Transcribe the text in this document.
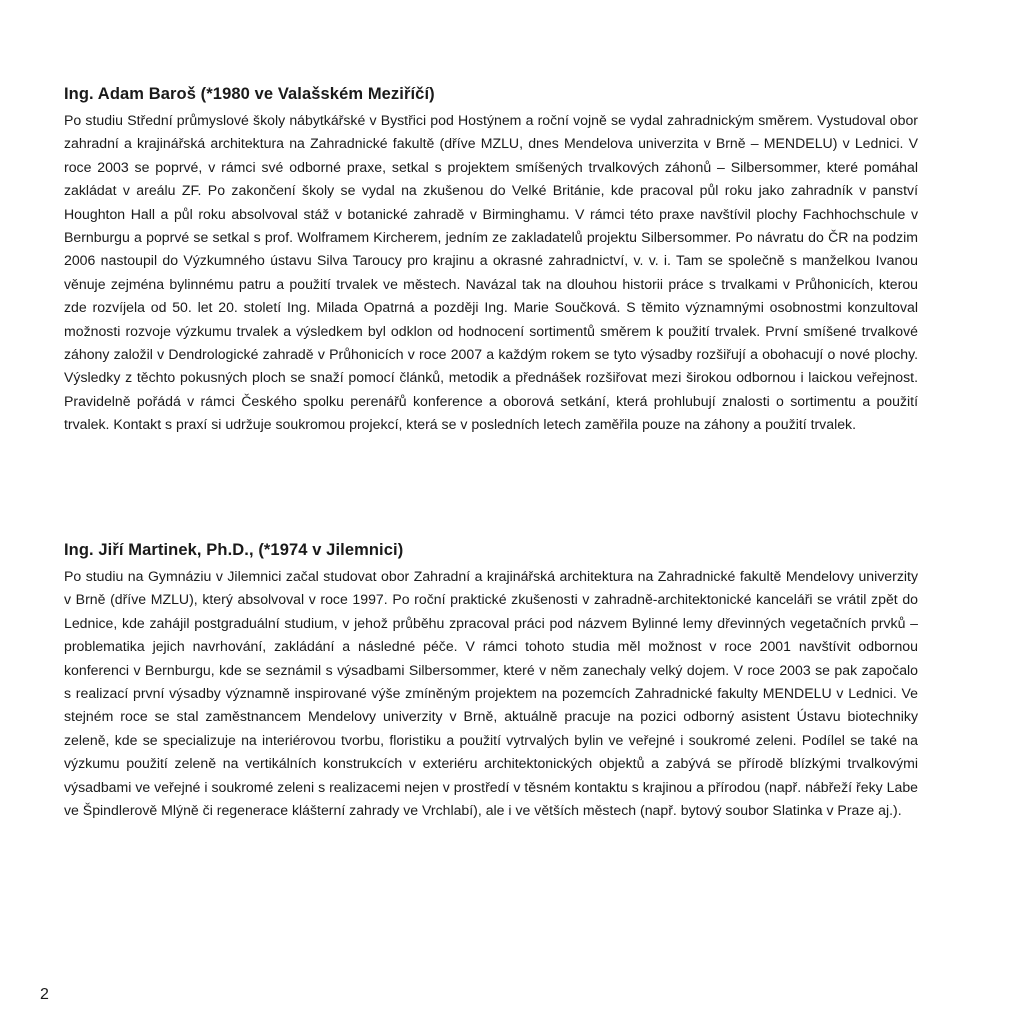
Ing. Adam Baroš (*1980 ve Valašském Meziříčí)

Po studiu Střední průmyslové školy nábytkářské v Bystřici pod Hostýnem a roční vojně se vydal zahradnickým směrem. Vystudoval obor zahradní a krajinářská architektura na Zahradnické fakultě (dříve MZLU, dnes Mendelova univerzita v Brně – MENDELU) v Lednici. V roce 2003 se poprvé, v rámci své odborné praxe, setkal s projektem smíšených trvalkových záhonů – Silbersommer, které pomáhal zakládat v areálu ZF. Po zakončení školy se vydal na zkušenou do Velké Británie, kde pracoval půl roku jako zahradník v panství Houghton Hall a půl roku absolvoval stáž v botanické zahradě v Birminghamu. V rámci této praxe navštívil plochy Fachhochschule v Bernburgu a poprvé se setkal s prof. Wolframem Kircherem, jedním ze zakladatelů projektu Silbersommer. Po návratu do ČR na podzim 2006 nastoupil do Výzkumného ústavu Silva Taroucy pro krajinu a okrasné zahradnictví, v. v. i. Tam se společně s manželkou Ivanou věnuje zejména bylinnému patru a použití trvalek ve městech. Navázal tak na dlouhou historii práce s trvalkami v Průhonicích, kterou zde rozvíjela od 50. let 20. století Ing. Milada Opatrná a později Ing. Marie Součková. S těmito významnými osobnostmi konzultoval možnosti rozvoje výzkumu trvalek a výsledkem byl odklon od hodnocení sortimentů směrem k použití trvalek. První smíšené trvalkové záhony založil v Dendrologické zahradě v Průhonicích v roce 2007 a každým rokem se tyto výsadby rozšiřují a obohacují o nové plochy. Výsledky z těchto pokusných ploch se snaží pomocí článků, metodik a přednášek rozšiřovat mezi širokou odbornou i laickou veřejnost. Pravidelně pořádá v rámci Českého spolku perenářů konference a oborová setkání, která prohlubují znalosti o sortimentu a použití trvalek. Kontakt s praxí si udržuje soukromou projekcí, která se v posledních letech zaměřila pouze na záhony a použití trvalek.

Ing. Jiří Martinek, Ph.D., (*1974 v Jilemnici)

Po studiu na Gymnáziu v Jilemnici začal studovat obor Zahradní a krajinářská architektura na Zahradnické fakultě Mendelovy univerzity v Brně (dříve MZLU), který absolvoval v roce 1997. Po roční praktické zkušenosti v zahradně-architektonické kanceláři se vrátil zpět do Lednice, kde zahájil postgraduální studium, v jehož průběhu zpracoval práci pod názvem Bylinné lemy dřevinných vegetačních prvků – problematika jejich navrhování, zakládání a následné péče. V rámci tohoto studia měl možnost v roce 2001 navštívit odbornou konferenci v Bernburgu, kde se seznámil s výsadbami Silbersommer, které v něm zanechaly velký dojem. V roce 2003 se pak započalo s realizací první výsadby významně inspirované výše zmíněným projektem na pozemcích Zahradnické fakulty MENDELU v Lednici. Ve stejném roce se stal zaměstnancem Mendelovy univerzity v Brně, aktuálně pracuje na pozici odborný asistent Ústavu biotechniky zeleně, kde se specializuje na interiérovou tvorbu, floristiku a použití vytrvalých bylin ve veřejné i soukromé zeleni. Podílel se také na výzkumu použití zeleně na vertikálních konstrukcích v exteriéru architektonických objektů a zabývá se přírodě blízkými trvalkovými výsadbami ve veřejné i soukromé zeleni s realizacemi nejen v prostředí v těsném kontaktu s krajinou a přírodou (např. nábřeží řeky Labe ve Špindlerově Mlýně či regenerace klášterní zahrady ve Vrchlabí), ale i ve větších městech (např. bytový soubor Slatinka v Praze aj.).

2
